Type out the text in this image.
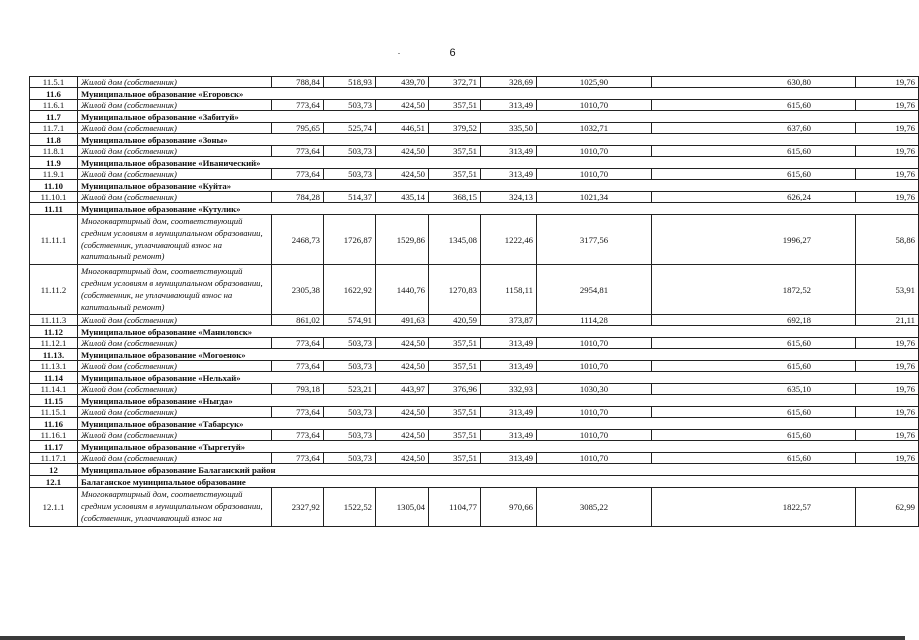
6
11.5.1	Жилой дом (собственник)	788,84	518,93	439,70	372,71	328,69	1025,90	630,80	19,76
11.6	Муниципальное образование «Егоровск»								
11.6.1	Жилой дом (собственник)	773,64	503,73	424,50	357,51	313,49	1010,70	615,60	19,76
11.7	Муниципальное образование «Забитуй»								
11.7.1	Жилой дом (собственник)	795,65	525,74	446,51	379,52	335,50	1032,71	637,60	19,76
11.8	Муниципальное образование «Зоны»								
11.8.1	Жилой дом (собственник)	773,64	503,73	424,50	357,51	313,49	1010,70	615,60	19,76
11.9	Муниципальное образование «Иванический»								
11.9.1	Жилой дом (собственник)	773,64	503,73	424,50	357,51	313,49	1010,70	615,60	19,76
11.10	Муниципальное образование «Куйта»								
11.10.1	Жилой дом (собственник)	784,28	514,37	435,14	368,15	324,13	1021,34	626,24	19,76
11.11	Муниципальное образование «Кутулик»								
11.11.1	Многоквартирный дом, соответствующий средним условиям в муниципальном образовании, (собственник, уплачивающий взнос на капитальный ремонт)	2468,73	1726,87	1529,86	1345,08	1222,46	3177,56	1996,27	58,86
11.11.2	Многоквартирный дом, соответствующий средним условиям в муниципальном образовании, (собственник, не уплачивающий взнос на капитальный ремонт)	2305,38	1622,92	1440,76	1270,83	1158,11	2954,81	1872,52	53,91
11.11.3	Жилой дом (собственник)	861,02	574,91	491,63	420,59	373,87	1114,28	692,18	21,11
11.12	Муниципальное образование «Маниловск»								
11.12.1	Жилой дом (собственник)	773,64	503,73	424,50	357,51	313,49	1010,70	615,60	19,76
11.13.	Муниципальное образование «Могоенок»								
11.13.1	Жилой дом (собственник)	773,64	503,73	424,50	357,51	313,49	1010,70	615,60	19,76
11.14	Муниципальное образование «Нельхай»								
11.14.1	Жилой дом (собственник)	793,18	523,21	443,97	376,96	332,93	1030,30	635,10	19,76
11.15	Муниципальное образование «Ныгда»								
11.15.1	Жилой дом (собственник)	773,64	503,73	424,50	357,51	313,49	1010,70	615,60	19,76
11.16	Муниципальное образование «Табарсук»								
11.16.1	Жилой дом (собственник)	773,64	503,73	424,50	357,51	313,49	1010,70	615,60	19,76
11.17	Муниципальное образование «Тыргетуй»								
11.17.1	Жилой дом (собственник)	773,64	503,73	424,50	357,51	313,49	1010,70	615,60	19,76
12	Муниципальное образование Балаганский район								
12.1	Балаганское муниципальное образование								
12.1.1	Многоквартирный дом, соответствующий средним условиям в муниципальном образовании, (собственник, уплачивающий взнос на	2327,92	1522,52	1305,04	1104,77	970,66	3085,22	1822,57	62,99
